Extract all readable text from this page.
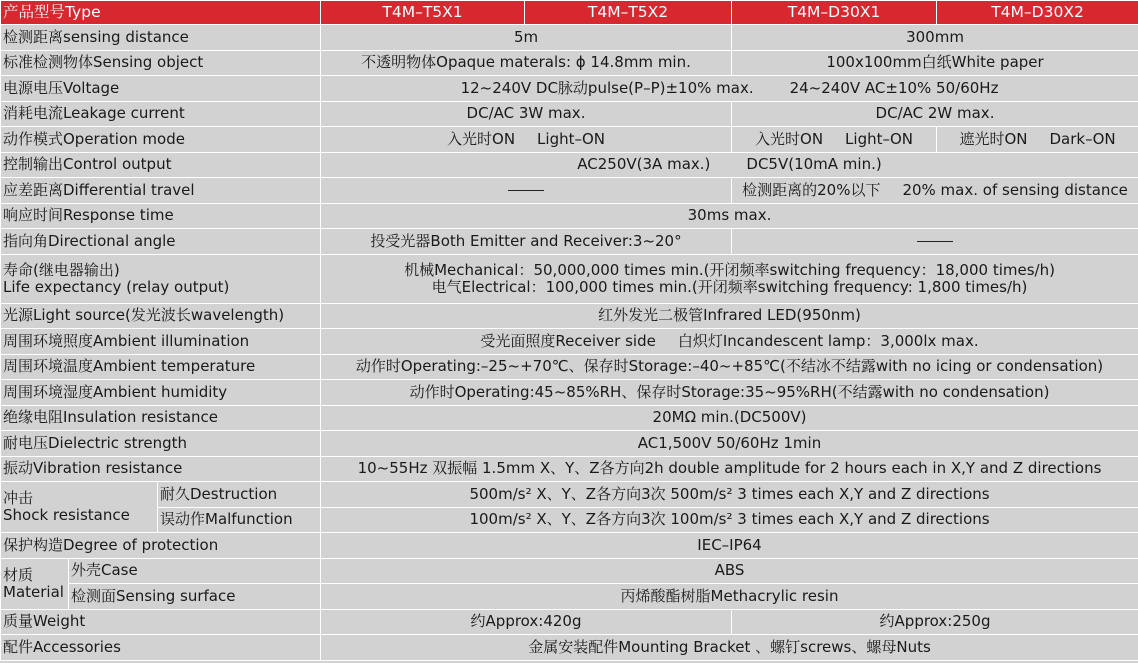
产品型号Type			T4M–T5X1	T4M–T5X2	T4M–D30X1	T4M–D30X2
检测距离sensing distance			5m		300mm	
标准检测物体Sensing object			不透明物体Opaque materals: ϕ 14.8mm min.		100x100mm白纸White paper	
电源电压Voltage			12~240V DC脉动pulse(P–P)±10% max. 24~240V AC±10% 50/60Hz			
消耗电流Leakage current			DC/AC 3W max.		DC/AC 2W max.	
动作模式Operation mode			入光时ON Light–ON		入光时ON Light–ON	遮光时ON Dark–ON
控制输出Control output			AC250V(3A max.) DC5V(10mA min.)			
应差距离Differential travel					检测距离的20%以下 20% max. of sensing distance	
响应时间Response time			30ms max.			
指向角Directional angle			投受光器Both Emitter and Receiver:3~20°			

寿命(继电器输出)
Life expectancy (relay output)			机械Mechanical：50,000,000 times min.(开闭频率switching frequency：18,000 times/h)
电气Electrical：100,000 times min.(开闭频率switching frequency: 1,800 times/h)			

光源Light source(发光波长wavelength)			红外发光二极管Infrared LED(950nm)			
周围环境照度Ambient illumination			受光面照度Receiver side 白炽灯Incandescent lamp：3,000lx max.			
周围环境温度Ambient temperature			动作时Operating:–25~+70℃、保存时Storage:–40~+85℃(不结冰不结露with no icing or condensation)			
周围环境湿度Ambient humidity			动作时Operating:45~85%RH、保存时Storage:35~95%RH(不结露with no condensation)			
绝缘电阻Insulation resistance			20MΩ min.(DC500V)			
耐电压Dielectric strength			AC1,500V 50/60Hz 1min			
振动Vibration resistance			10~55Hz 双振幅 1.5mm X、Y、Z各方向2h double amplitude for 2 hours each in X,Y and Z directions			

冲击
Shock resistance		耐久Destruction	500m/s² X、Y、Z各方向3次 500m/s² 3 times each X,Y and Z directions			
		误动作Malfunction	100m/s² X、Y、Z各方向3次 100m/s² 3 times each X,Y and Z directions			
保护构造Degree of protection			IEC–IP64			

材质
Material	外壳Case		ABS			
	检测面Sensing surface		丙烯酸酯树脂Methacrylic resin			
质量Weight			约Approx:420g		约Approx:250g	
配件Accessories			金属安装配件Mounting Bracket 、螺钉screws、螺母Nuts			
